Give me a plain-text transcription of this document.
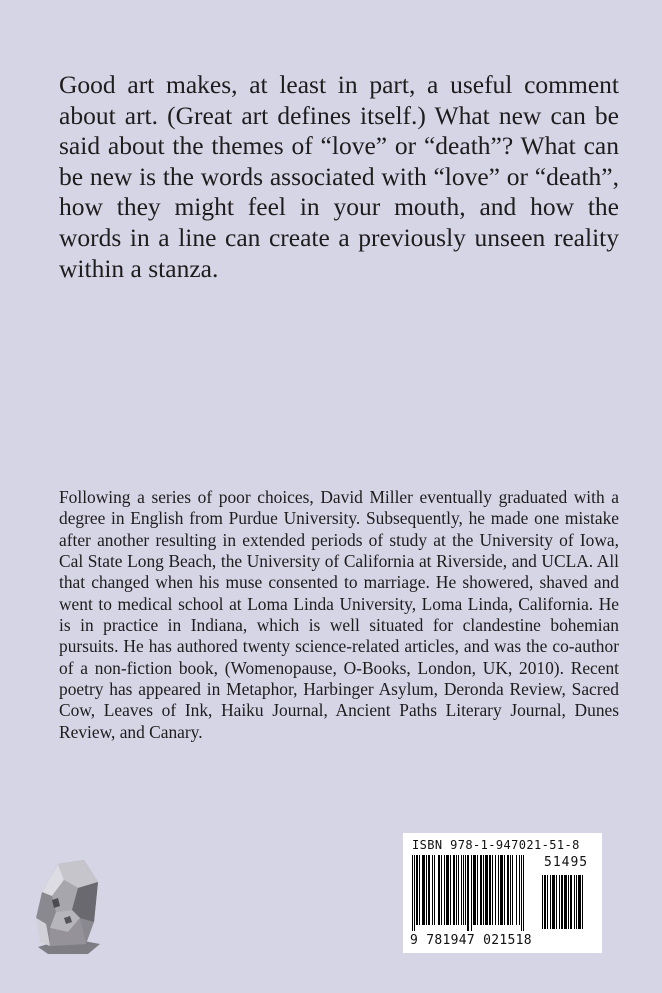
Good art makes, at least in part, a useful comment about art. (Great art defines itself.) What new can be said about the themes of “love” or “death”? What can be new is the words associated with “love” or “death”, how they might feel in your mouth, and how the words in a line can create a previously unseen reality within a stanza.

Following a series of poor choices, David Miller eventually graduated with a degree in English from Purdue University. Subsequently, he made one mistake after another resulting in extended periods of study at the University of Iowa, Cal State Long Beach, the University of California at Riverside, and UCLA. All that changed when his muse consented to marriage. He showered, shaved and went to medical school at Loma Linda University, Loma Linda, California. He is in practice in Indiana, which is well situated for clandestine bohemian pursuits. He has authored twenty science-related articles, and was the co-author of a non-fiction book, (Womenopause, O-Books, London, UK, 2010). Recent poetry has appeared in Metaphor, Harbinger Asylum, Deronda Review, Sacred Cow, Leaves of Ink, Haiku Journal, Ancient Paths Literary Journal, Dunes Review, and Canary.

ISBN 978-1-947021-51-8
51495
9 781947 021518
